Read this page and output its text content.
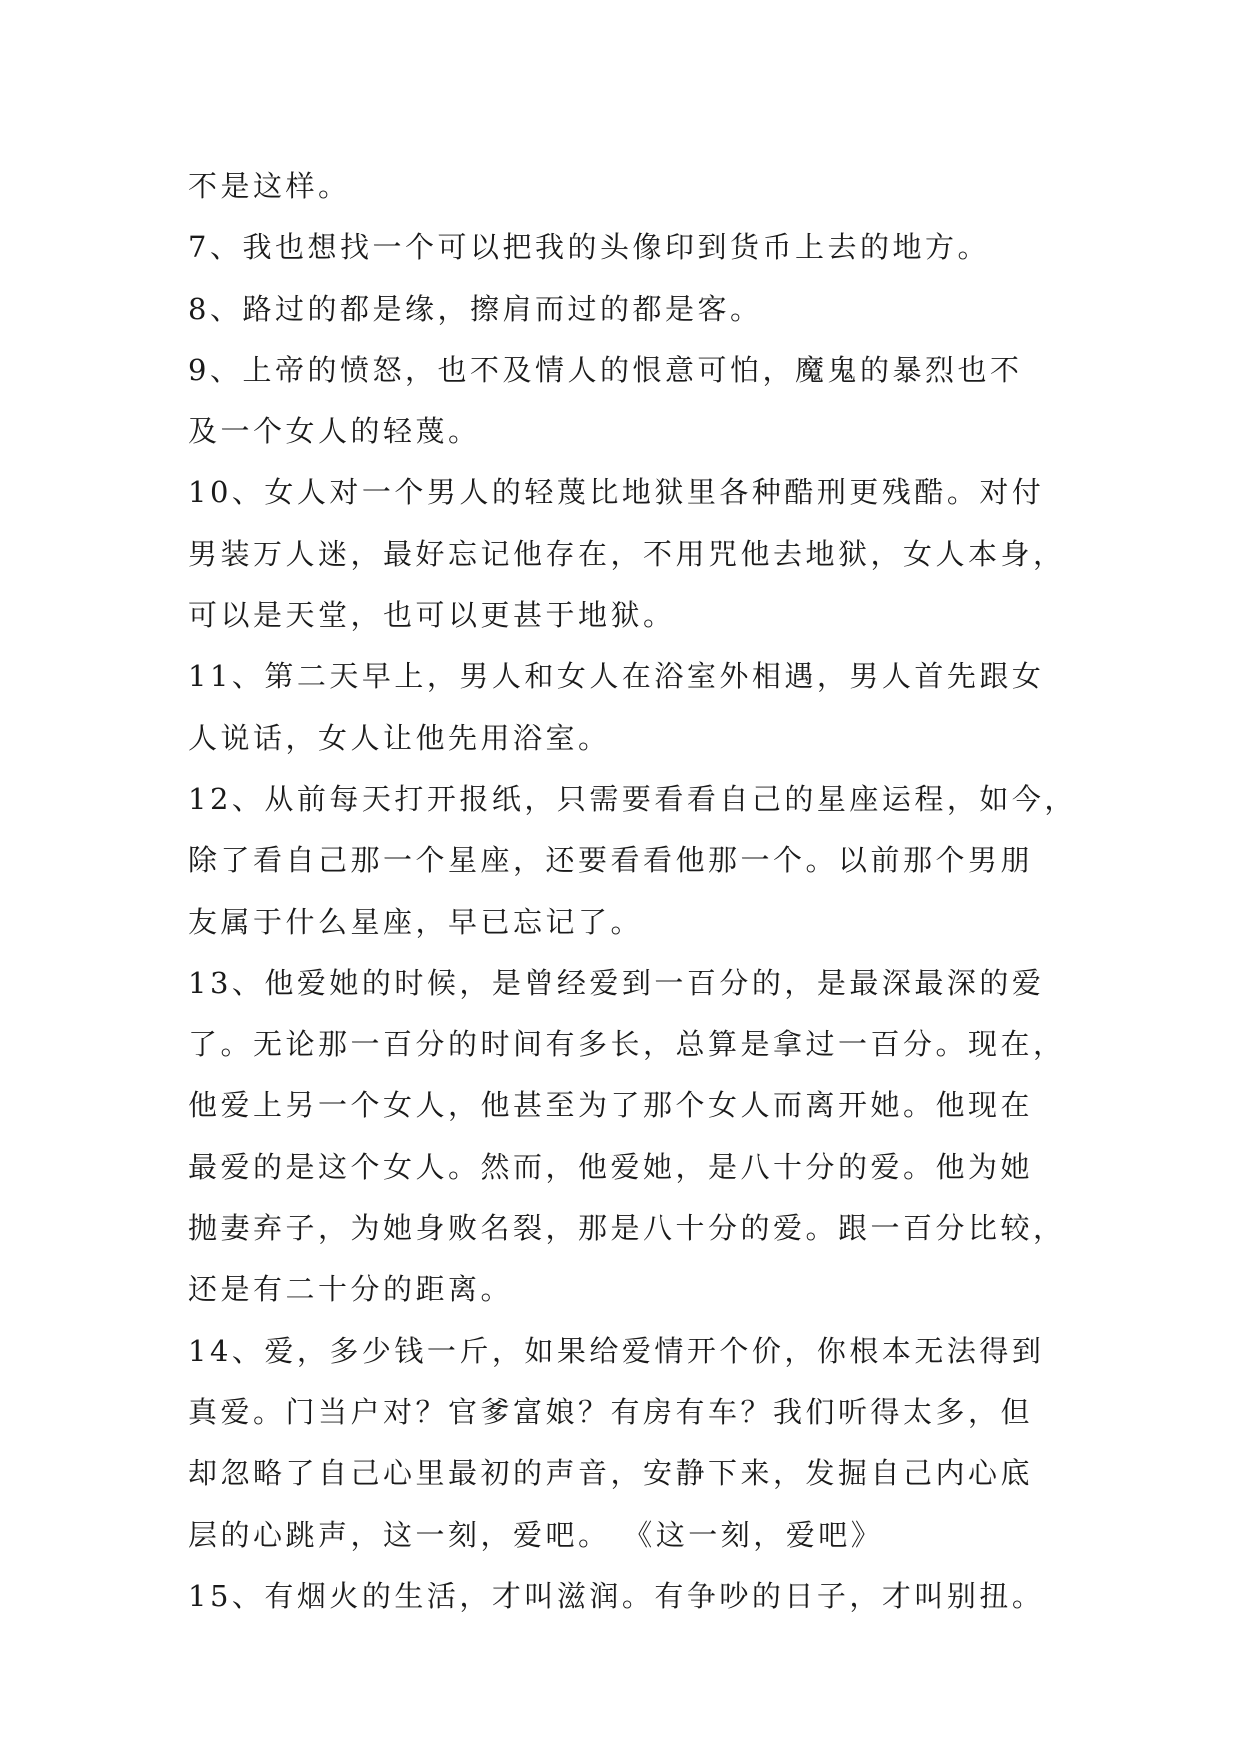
不是这样。
7、我也想找一个可以把我的头像印到货币上去的地方。
8、路过的都是缘，擦肩而过的都是客。
9、上帝的愤怒，也不及情人的恨意可怕，魔鬼的暴烈也不
及一个女人的轻蔑。
10、女人对一个男人的轻蔑比地狱里各种酷刑更残酷。对付
男装万人迷，最好忘记他存在，不用咒他去地狱，女人本身，
可以是天堂，也可以更甚于地狱。
11、第二天早上，男人和女人在浴室外相遇，男人首先跟女
人说话，女人让他先用浴室。
12、从前每天打开报纸，只需要看看自己的星座运程，如今，
除了看自己那一个星座，还要看看他那一个。以前那个男朋
友属于什么星座，早已忘记了。
13、他爱她的时候，是曾经爱到一百分的，是最深最深的爱
了。无论那一百分的时间有多长，总算是拿过一百分。现在，
他爱上另一个女人，他甚至为了那个女人而离开她。他现在
最爱的是这个女人。然而，他爱她，是八十分的爱。他为她
抛妻弃子，为她身败名裂，那是八十分的爱。跟一百分比较，
还是有二十分的距离。
14、爱，多少钱一斤，如果给爱情开个价，你根本无法得到
真爱。门当户对？官爹富娘？有房有车？我们听得太多，但
却忽略了自己心里最初的声音，安静下来，发掘自己内心底
层的心跳声，这一刻，爱吧。 《这一刻，爱吧》
15、有烟火的生活，才叫滋润。有争吵的日子，才叫别扭。
